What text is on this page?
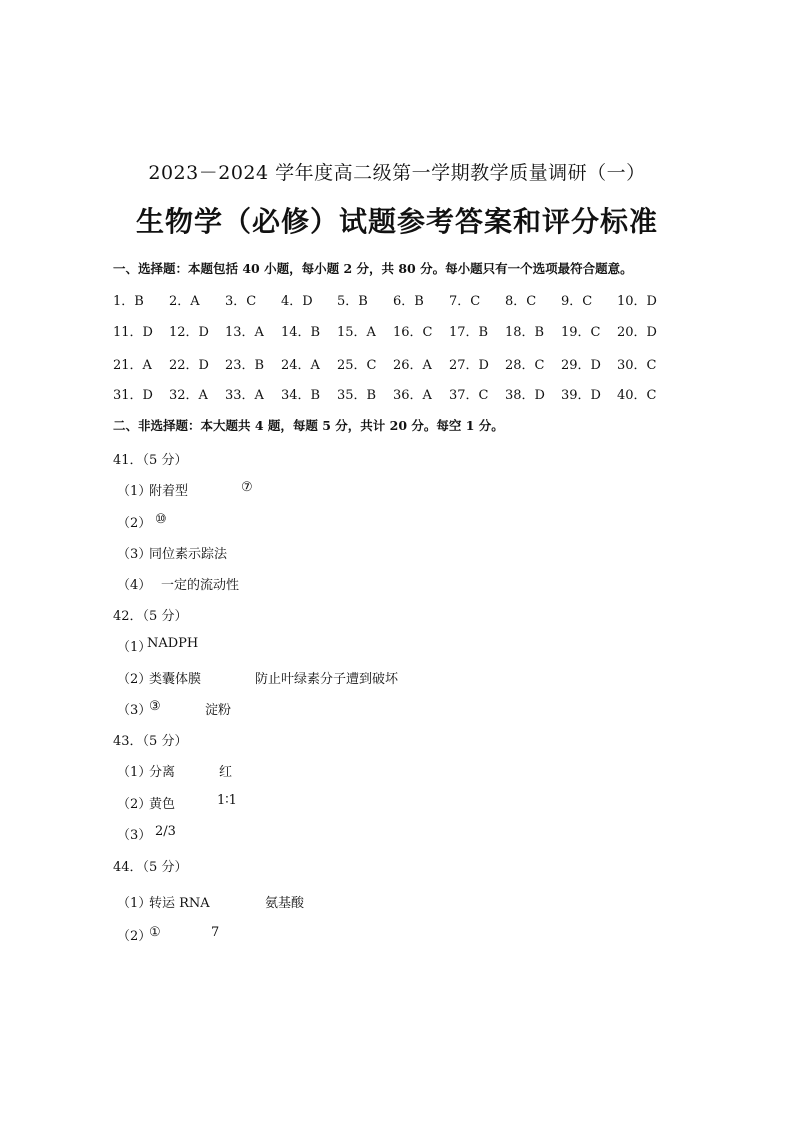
2023－2024 学年度高二级第一学期教学质量调研（一）
生物学（必修）试题参考答案和评分标准
一、选择题：本题包括 40 小题，每小题 2 分，共 80 分。每小题只有一个选项最符合题意。
1．B	2．A	3．C	4．D	5．B	6．B	7．C	8．C	9．C	10．D
11．D	12．D	13．A	14．B	15．A	16．C	17．B	18．B	19．C	20．D
21．A	22．D	23．B	24．A	25．C	26．A	27．D	28．C	29．D	30．C
31．D	32．A	33．A	34．B	35．B	36．A	37．C	38．D	39．D	40．C
二、非选择题：本大题共 4 题，每题 5 分，共计 20 分。每空 1 分。
41．（5 分）
（1）
附着型	⑦
（2） ⑩
（3）
同位素示踪法
（4） 一定的流动性
42．（5 分）
（1）
NADPH
（2）
类囊体膜	防止叶绿素分子遭到破坏
（3）
③	淀粉
43．（5 分）
（1）
分离	红
（2）
黄色	1∶1
（3） 2/3
44．（5 分）
（1）
转运 RNA	氨基酸
（2）
①	7
